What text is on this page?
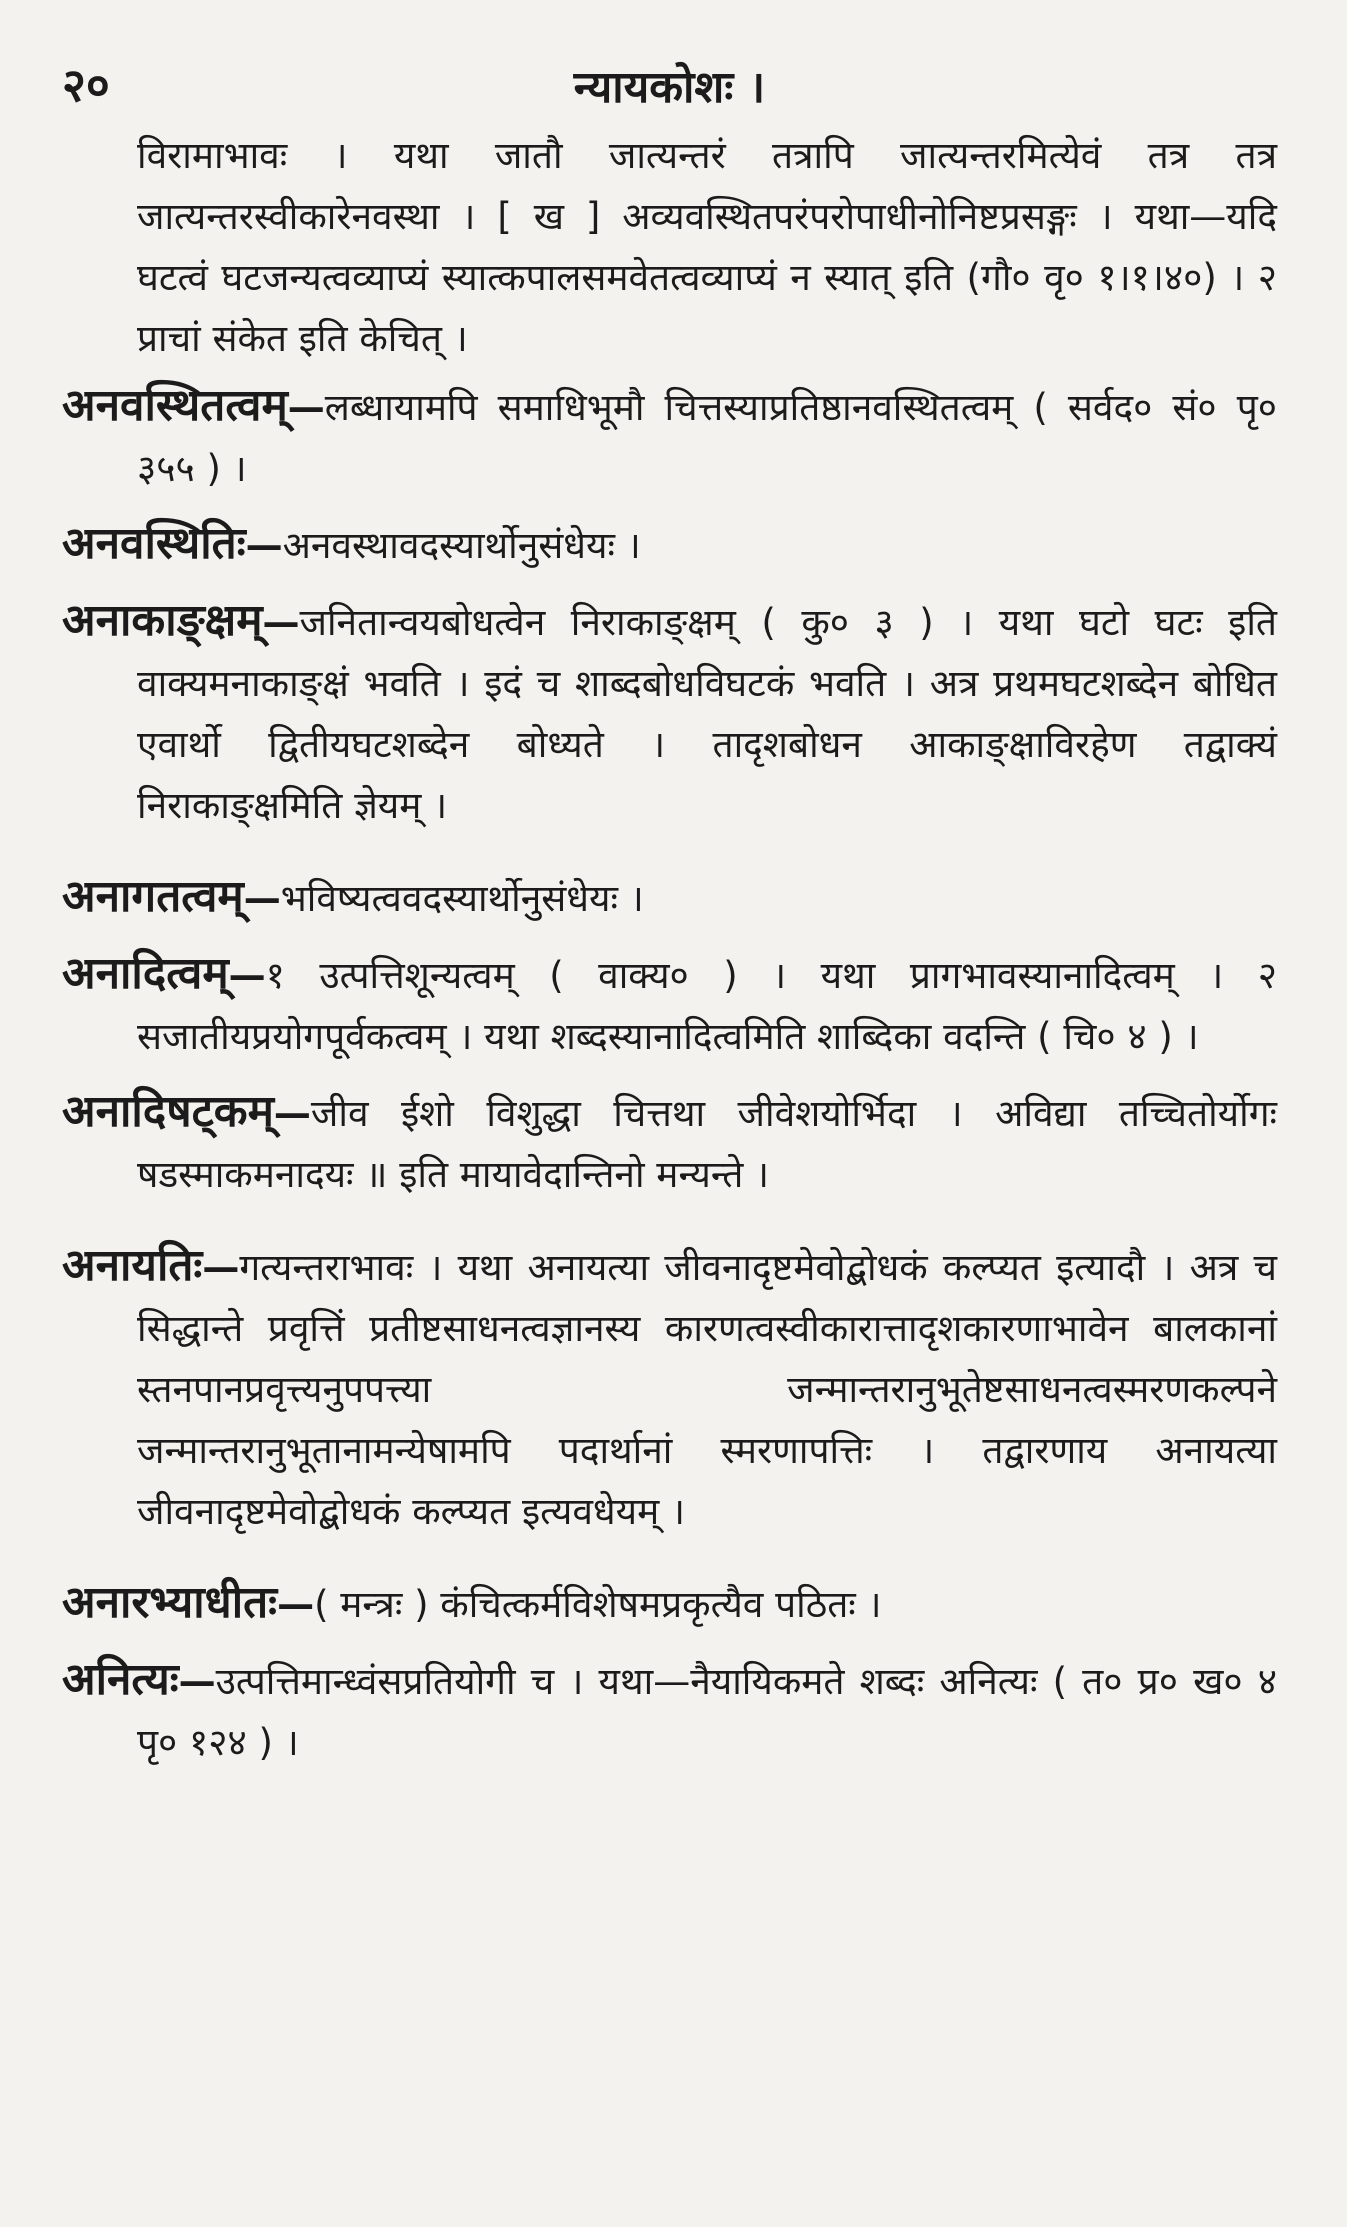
२०	न्यायकोशः ।

विरामाभावः । यथा जातौ जात्यन्तरं तत्रापि जात्यन्तरमित्येवं तत्र तत्र जात्यन्तरस्वीकारेनवस्था । [ ख ] अव्यवस्थितपरंपरोपाधीनोनिष्टप्रसङ्गः । यथा—यदि घटत्वं घटजन्यत्वव्याप्यं स्यात्कपालसमवेतत्वव्याप्यं न स्यात् इति (गौ० वृ० १।१।४०) । २ प्राचां संकेत इति केचित् ।

अनवस्थितत्वम्—लब्धायामपि समाधिभूमौ चित्तस्याप्रतिष्ठानवस्थितत्वम् ( सर्वद० सं० पृ० ३५५ ) ।

अनवस्थितिः—अनवस्थावदस्यार्थोनुसंधेयः ।

अनाकाङ्क्षम्—जनितान्वयबोधत्वेन निराकाङ्क्षम् ( कु० ३ ) । यथा घटो घटः इति वाक्यमनाकाङ्क्षं भवति । इदं च शाब्दबोधविघटकं भवति । अत्र प्रथमघटशब्देन बोधित एवार्थो द्वितीयघटशब्देन बोध्यते । तादृशबोधन आकाङ्क्षाविरहेण तद्वाक्यं निराकाङ्क्षमिति ज्ञेयम् ।

अनागतत्वम्—भविष्यत्ववदस्यार्थोनुसंधेयः ।

अनादित्वम्—१ उत्पत्तिशून्यत्वम् ( वाक्य० ) । यथा प्रागभावस्यानादित्वम् । २ सजातीयप्रयोगपूर्वकत्वम् । यथा शब्दस्यानादित्वमिति शाब्दिका वदन्ति ( चि० ४ ) ।

अनादिषट्कम्—जीव ईशो विशुद्धा चित्तथा जीवेशयोर्भिदा । अविद्या तच्चितोर्योगः षडस्माकमनादयः ॥ इति मायावेदान्तिनो मन्यन्ते ।

अनायतिः—गत्यन्तराभावः । यथा अनायत्या जीवनादृष्टमेवोद्बोधकं कल्प्यत इत्यादौ । अत्र च सिद्धान्ते प्रवृत्तिं प्रतीष्टसाधनत्वज्ञानस्य कारणत्वस्वीकारात्तादृशकारणाभावेन बालकानां स्तनपानप्रवृत्त्यनुपपत्त्या जन्मान्तरानुभूतेष्टसाधनत्वस्मरणकल्पने जन्मान्तरानुभूतानामन्येषामपि पदार्थानां स्मरणापत्तिः । तद्वारणाय अनायत्या जीवनादृष्टमेवोद्बोधकं कल्प्यत इत्यवधेयम् ।

अनारभ्याधीतः—( मन्त्रः ) कंचित्कर्मविशेषमप्रकृत्यैव पठितः ।

अनित्यः—उत्पत्तिमान्ध्वंसप्रतियोगी च । यथा—नैयायिकमते शब्दः अनित्यः ( त० प्र० ख० ४ पृ० १२४ ) ।
